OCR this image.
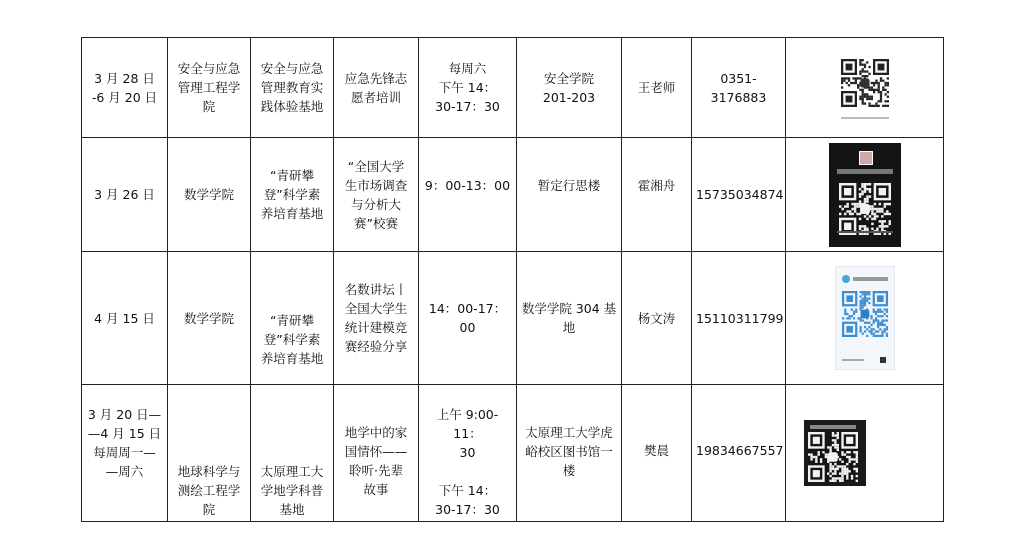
3 月 28 日
-6 月 20 日	安全与应急
管理工程学
院	安全与应急
管理教育实
践体验基地	应急先锋志
愿者培训	每周六
下午 14：
30-17：30	安全学院
201-203	王老师	0351-3176883	

3 月 26 日	数学学院	“青研攀
登”科学素
养培育基地	“全国大学
生市场调查
与分析大
赛”校赛	9：00-13：00	暂定行思楼	霍湘舟	15735034874	

4 月 15 日	数学学院	“青研攀
登”科学素
养培育基地	名数讲坛丨
全国大学生
统计建模竞
赛经验分享	14：00-17：00	数学学院 304 基
地	杨文涛	15110311799	

3 月 20 日—
—4 月 15 日
每周周一—
—周六	地球科学与
测绘工程学
院	太原理工大
学地学科普
基地	地学中的家
国情怀——
聆听·先辈
故事	上午 9:00-11：
30

下午 14：
30-17：30	太原理工大学虎
峪校区图书馆一
楼	樊晨	19834667557	
